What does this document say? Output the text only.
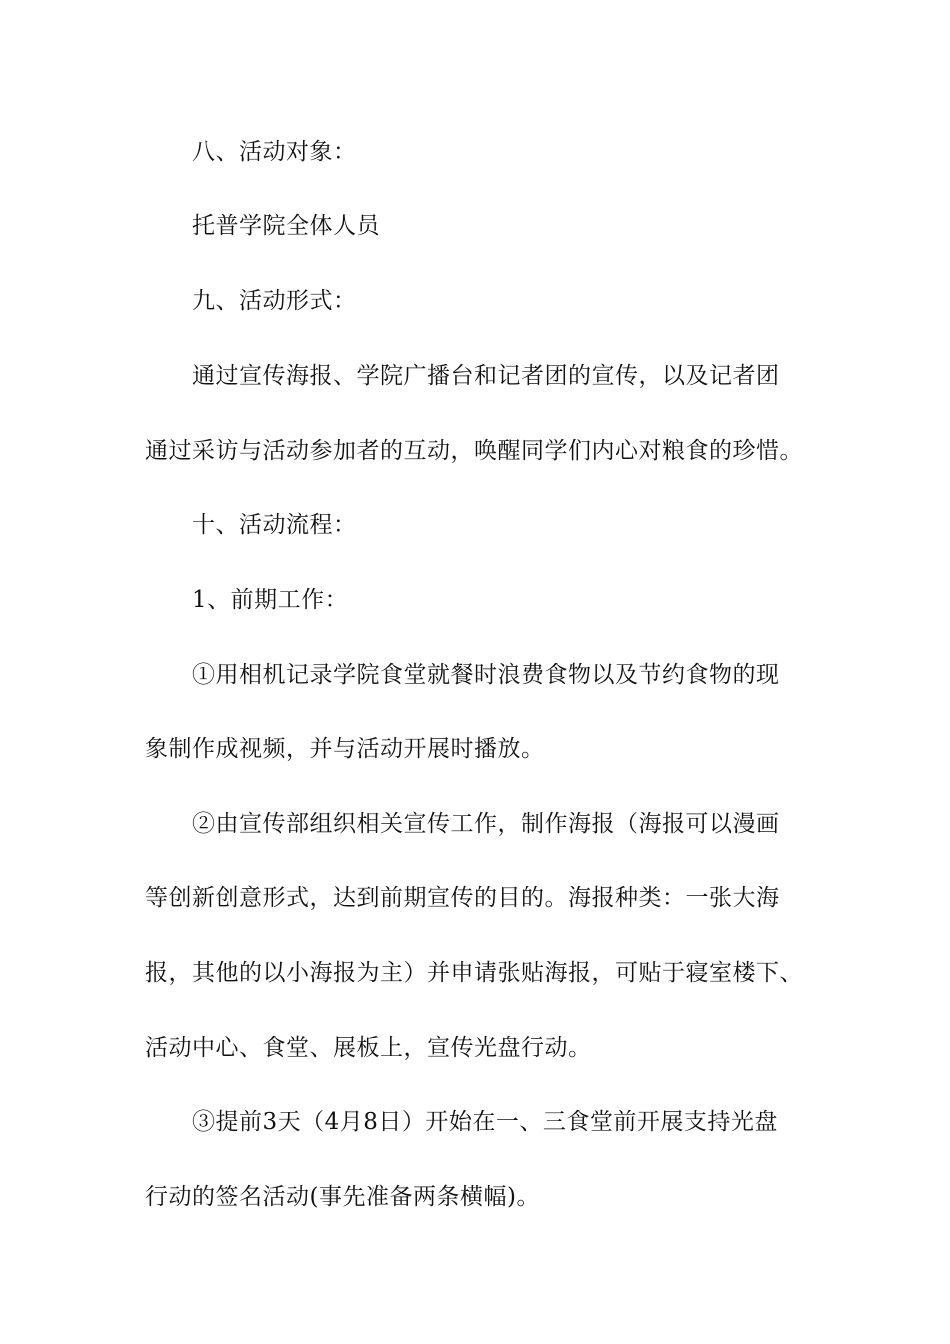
八、活动对象：
托普学院全体人员
九、活动形式：
通过宣传海报、学院广播台和记者团的宣传，以及记者团
通过采访与活动参加者的互动，唤醒同学们内心对粮食的珍惜。
十、活动流程：
1、前期工作：
①用相机记录学院食堂就餐时浪费食物以及节约食物的现
象制作成视频，并与活动开展时播放。
②由宣传部组织相关宣传工作，制作海报（海报可以漫画
等创新创意形式，达到前期宣传的目的。海报种类：一张大海
报，其他的以小海报为主）并申请张贴海报，可贴于寝室楼下、
活动中心、食堂、展板上，宣传光盘行动。
③提前3天（4月8日）开始在一、三食堂前开展支持光盘
行动的签名活动(事先准备两条横幅)。
